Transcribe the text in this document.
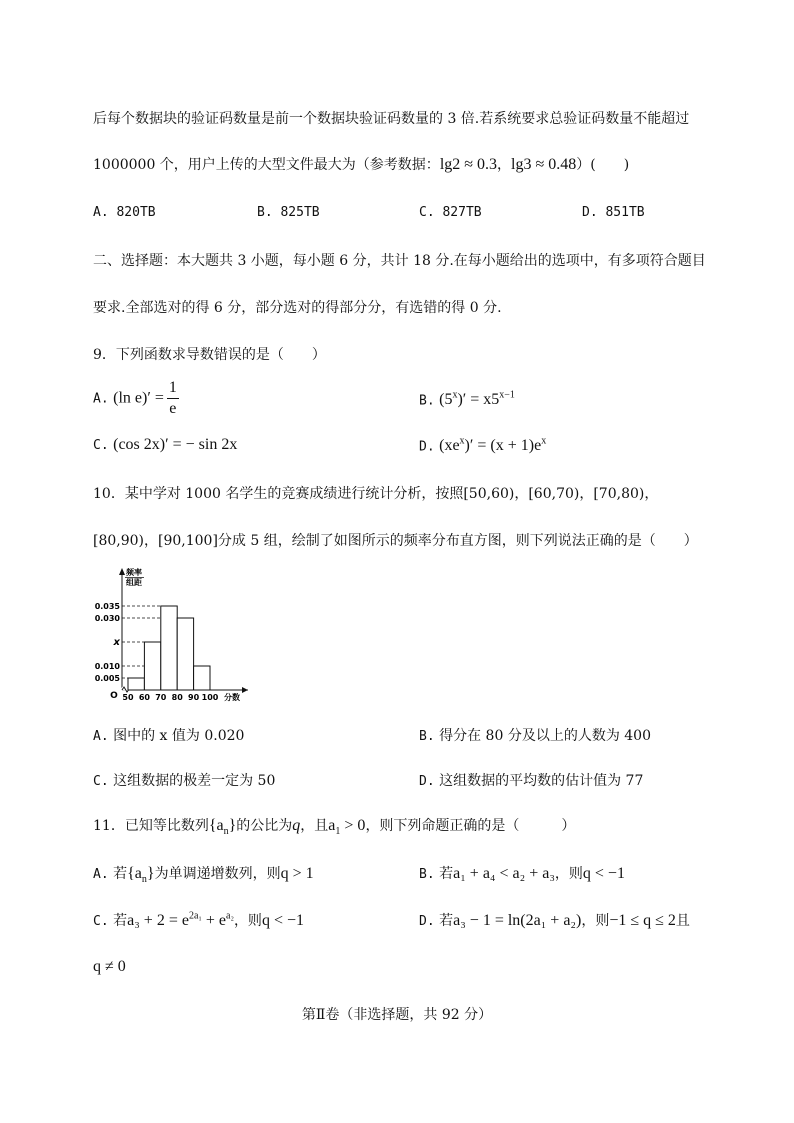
后每个数据块的验证码数量是前一个数据块验证码数量的 3 倍.若系统要求总验证码数量不能超过
1000000 个，用户上传的大型文件最大为（参考数据：lg2 ≈ 0.3，lg3 ≈ 0.48）(　　)
A. 820TB	B. 825TB	C. 827TB	D. 851TB
二、选择题：本大题共 3 小题，每小题 6 分，共计 18 分.在每小题给出的选项中，有多项符合题目
要求.全部选对的得 6 分，部分选对的得部分分，有选错的得 0 分.
9．下列函数求导数错误的是（　　）
A. (ln $e)' = \frac{1}{e}$	B. $(5^x)' = x5^{x-1}$
C. (cos 2x)′ = − sin 2x	D. $(xe^x)' = (x + 1)e^x$
10．某中学对 1000 名学生的竞赛成绩进行统计分析，按照[50,60)，[60,70)，[70,80)，
[80,90)，[90,100]分成 5 组，绘制了如图所示的频率分布直方图，则下列说法正确的是（　　）
0.035
0.030
x
0.010
0.005
50 60 70 80 90 100 分数
O
频率
组距
A. 图中的 x 值为 0.020	B. 得分在 80 分及以上的人数为 400
C. 这组数据的极差一定为 50	D. 这组数据的平均数的估计值为 77
11．已知等比数列$\{a_n\}$的公比为q，且$a_1 > 0$，则下列命题正确的是（　　　）
A. 若$\{a_n\}$为单调递增数列，则q > 1	B. 若a₁ + a₄ < a₂ + a₃，则q < −1
C. 若$a_3 + 2 = e^{2a_1} + e^{a_2}$，则q < −1	D. 若a₃ − 1 = ln(2a₁ + a₂)，则−1 ≤ q ≤ 2且
q ≠ 0
第Ⅱ卷（非选择题，共 92 分）
